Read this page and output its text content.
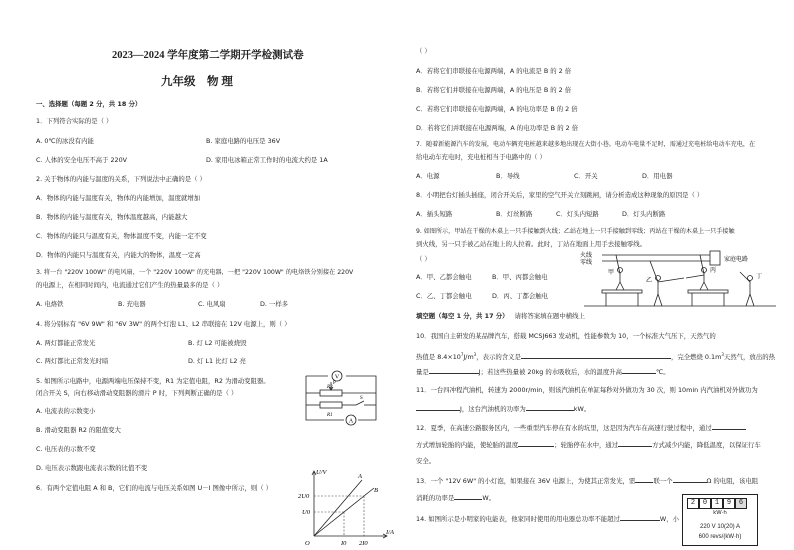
2023—2024 学年度第二学期开学检测试卷
九年级　物 理
一、选择题（每题 2 分，共 18 分）
1．下列符合实际的是（ ）
A. 0℃的冰没有内能	B. 家庭电路的电压是 36V
C. 人体的安全电压不高于 220V	D. 家用电冰箱正常工作时的电流大约是 1A
2. 关于物体的内能与温度的关系，下列说法中正确的是（ ）
A．物体的内能与温度有关，物体的内能增加，温度就增加
B．物体的内能与温度有关，物体温度越高，内能越大
C．物体的内能只与温度有关，物体温度不变，内能一定不变
D．物体的内能只与温度有关，内能大的物体，温度一定高
3. 将一台 "220V 100W" 的电风扇，一个 "220V 100W" 的充电器，一把 "220V 100W" 的电烙铁分别接在 220V
的电源上，在相同时间内，电流通过它们产生的热量最多的是（ ）
A. 电烙铁	B. 充电器	C. 电风扇	D. 一样多
4. 将分别标有 "6V 9W" 和 "6V 3W" 的两个灯泡 L1、L2 串联接在 12V 电源上，则（ ）
A. 两灯都能正常发光	B. 灯 L2 可能被烧毁
C. 两灯都比正常发光时暗	D. 灯 L1 比灯 L2 亮
5. 如图所示电路中，电源两端电压保持不变，R1 为定值电阻，R2 为滑动变阻器。
闭合开关 S，向右移动滑动变阻器的滑片 P 时，下列判断正确的是（ ）
A. 电流表的示数变小
B. 滑动变阻器 R2 的阻值变大
C. 电压表的示数不变
D. 电压表示数跟电流表示数的比值不变
V
A
R2
R1
S
P
6．有两个定值电阻 A 和 B，它们的电流与电压关系如图 U－I 图像中所示，则（ ）
U/V
I/A
2U0
U0
I0 2I0
O
A
B
（ ）
A．若将它们串联接在电源两端，A 的电流是 B 的 2 倍
B．若将它们并联接在电源两端，A 的电压是 B 的 2 倍
C．若将它们串联接在电源两端，A 的电功率是 B 的 2 倍
D．若将它们并联接在电源两端，A 的电功率是 B 的 2 倍
7．随着新能源汽车的发展，电动车辆充电桩越来越多地出现在大街小巷。电动车电量不足时，需通过充电桩给电动车充电，在
给电动车充电时，充电桩相当于电路中的（ ）
A．电源	B．导线	C．开关	D．用电器
8．小明把台灯插头插座，闭合开关后，家里的空气开关立刻跳闸，请分析造成这种现象的原因是（ ）
A．插头短路	B．灯丝断路	C．灯头内短路	D．灯头内断路
9. 如图所示，甲站在干燥的木桌上一只手接触到火线；乙站在地上一只手接触到零线；丙站在干燥的木桌上一只手接触
到火线，另一只手被乙站在地上的人拉着。此时，丁站在地面上用手去接触零线。
（ ）
A．甲、乙都会触电	B．甲、丙都会触电
C．乙、丁都会触电	D．丙、丁都会触电
火线
零线	家庭电路
甲
乙
丙
丁
填空题（每空 1 分，共 17 分） 请将答案填在题中横线上
10．我国自主研发的某品牌汽车，搭载 MCSJ663 发动机，性能参数为 10，一个标准大气压下，天然气的
热值是 $8.4\times 10^7J/m^3$，表示的含义是	，完全燃烧 $0.1m^3$天然气，放出的热
量是	J；若这些热量被 20kg 的水吸收后，水的温度升高	℃。
11．一台四冲程汽油机，转速为 2000r/min，则该汽油机在单缸每秒对外做功为 30 次，则 10min 内汽油机对外做功为
J，这台汽油机的功率为	kW。
12．夏季，在高速公路服务区内，一些重型汽车停在有水的坑里，这是因为汽车在高速行驶过程中，通过
方式增加轮胎的内能，使轮胎的温度	；轮胎停在水中，通过	方式减少内能，降低温度，以保证行车
安全。
13．一个 "12V 6W" 的小灯泡，如果接在 36V 电源上，为使其正常发光，需	联一个	Ω 的电阻，该电阻
消耗的功率是	W。
14. 如图所示是小明家的电能表，他家同时使用的用电器总功率不能超过	W，小
2	0	1	9	6
kW·h
220 V 10(20) A
600 revs/(kW·h)
